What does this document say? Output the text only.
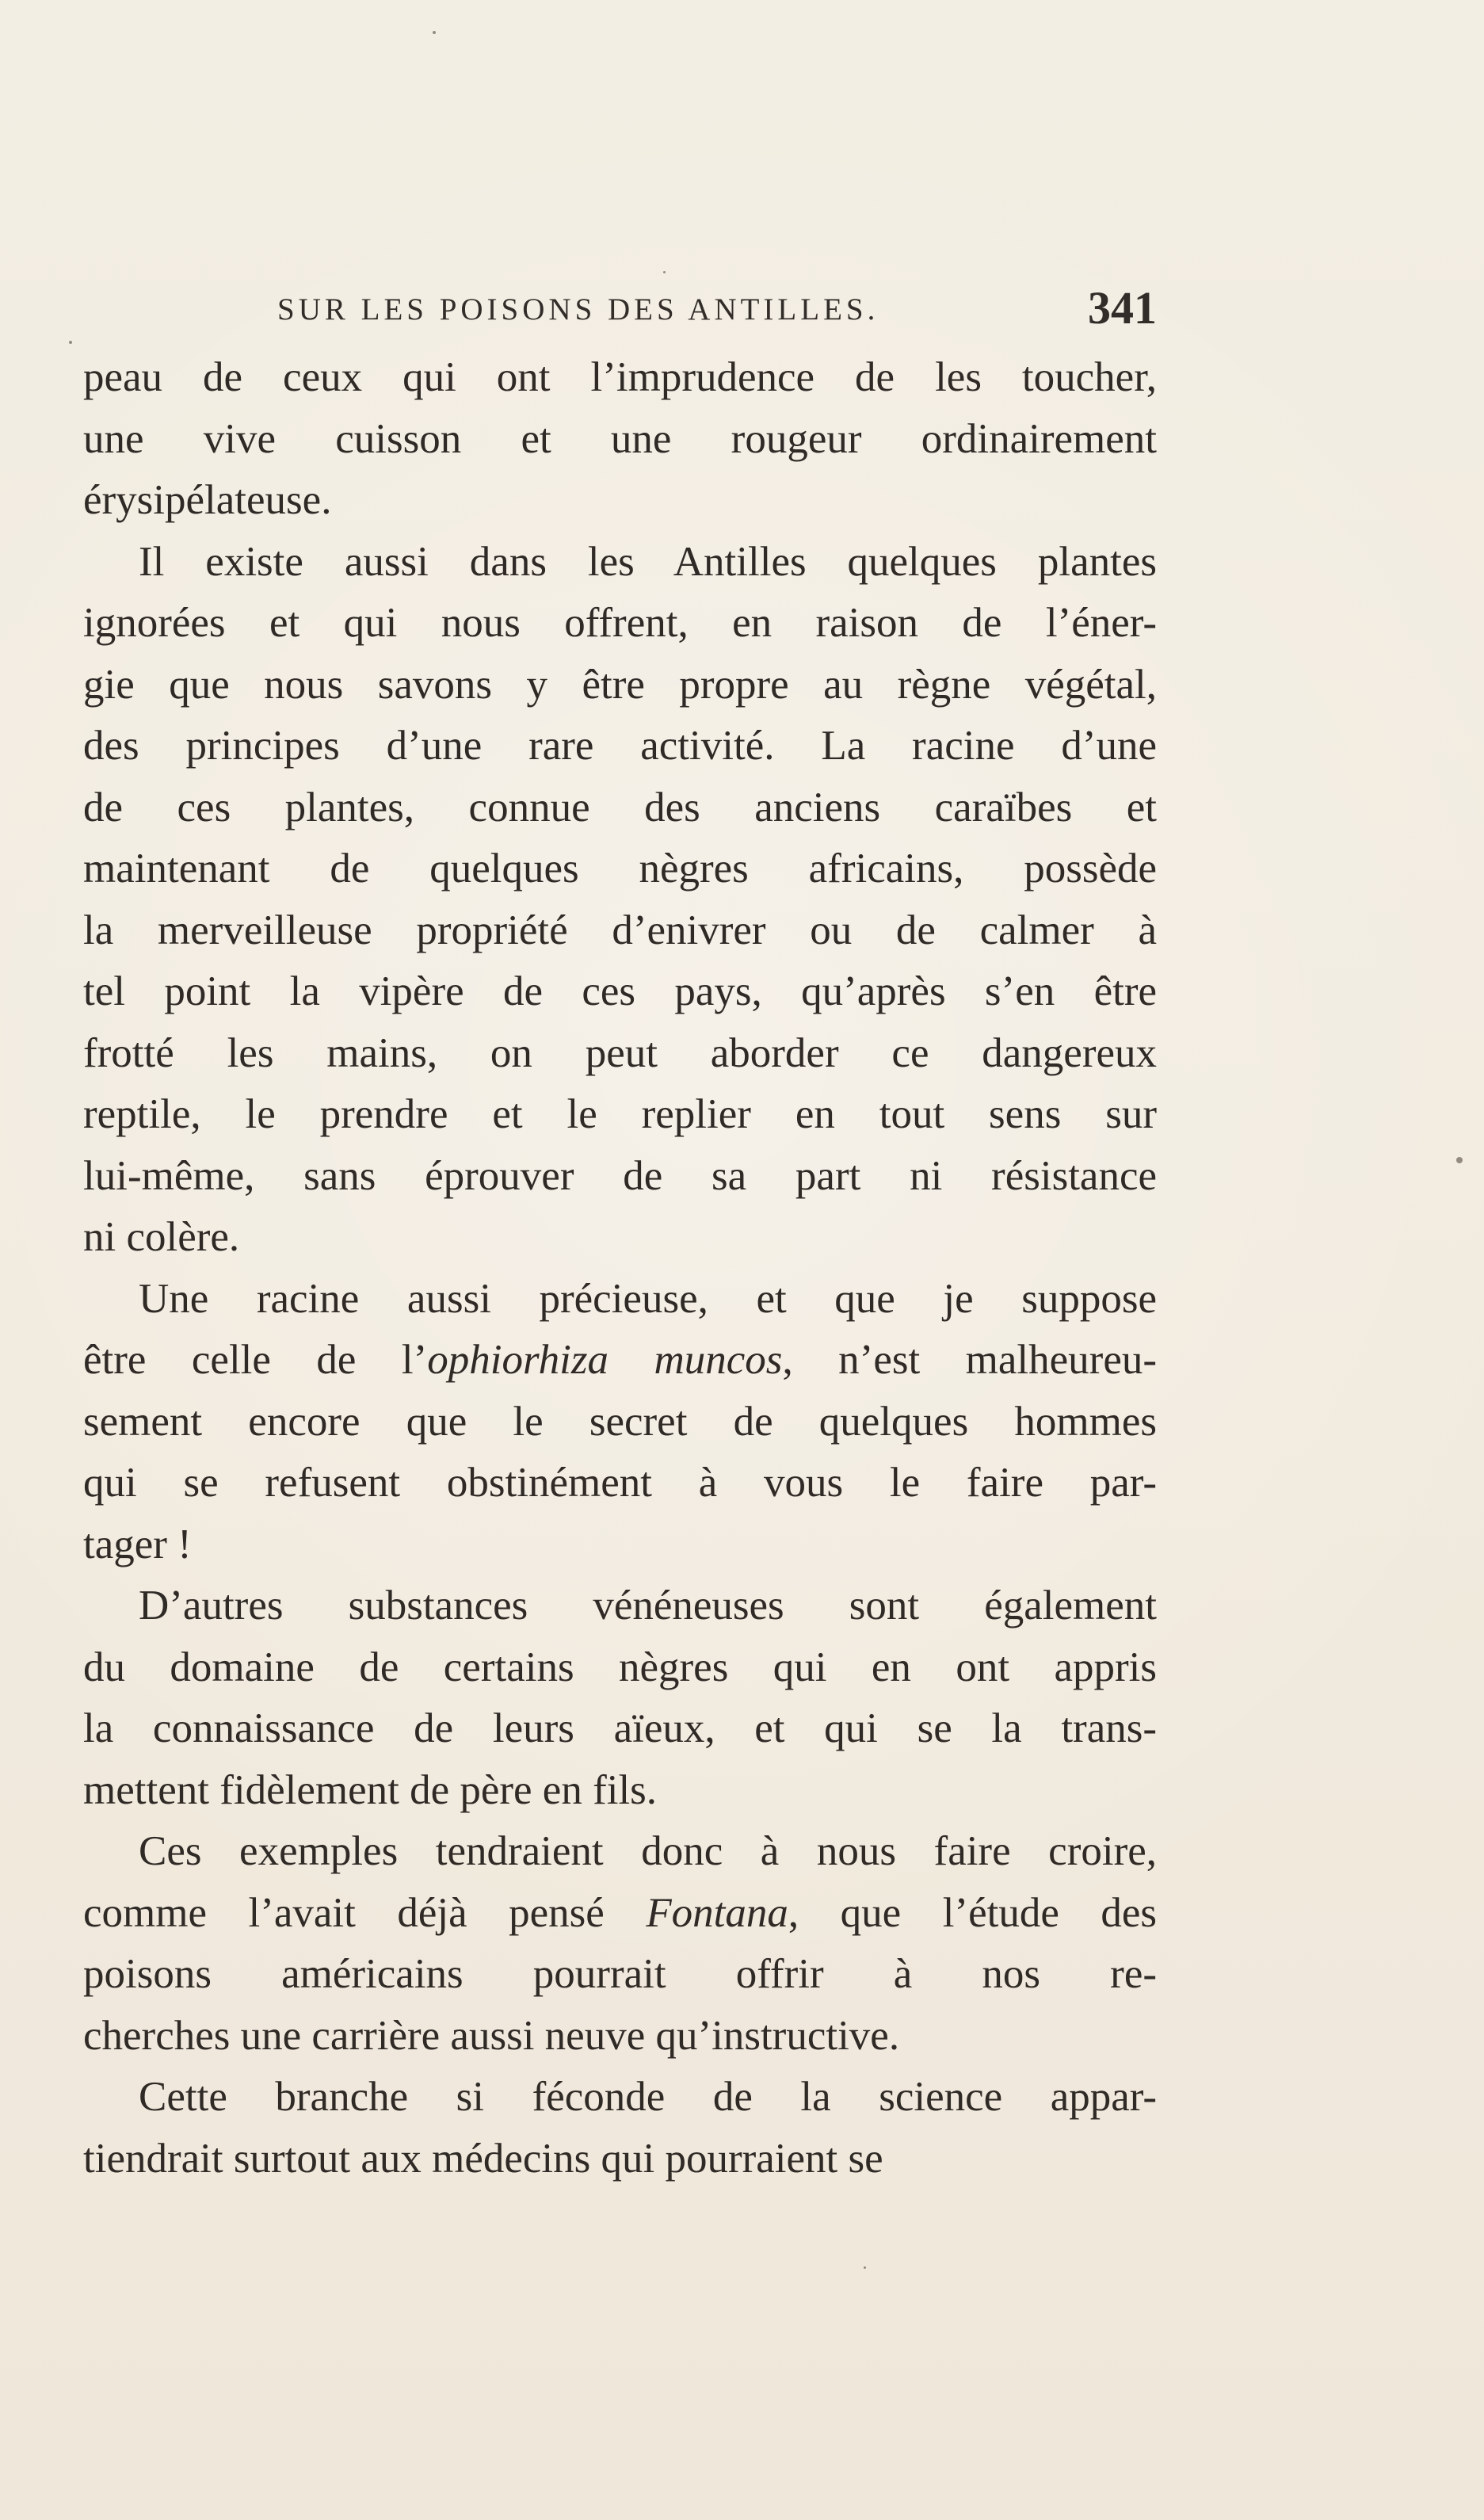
SUR LES POISONS DES ANTILLES.	341
peau de ceux qui ont l’imprudence de les toucher,
une vive cuisson et une rougeur ordinairement
érysipélateuse.
Il existe aussi dans les Antilles quelques plantes
ignorées et qui nous offrent, en raison de l’éner-
gie que nous savons y être propre au règne végétal,
des principes d’une rare activité. La racine d’une
de ces plantes, connue des anciens caraïbes et
maintenant de quelques nègres africains, possède
la merveilleuse propriété d’enivrer ou de calmer à
tel point la vipère de ces pays, qu’après s’en être
frotté les mains, on peut aborder ce dangereux
reptile, le prendre et le replier en tout sens sur
lui-même, sans éprouver de sa part ni résistance
ni colère.
Une racine aussi précieuse, et que je suppose
être celle de l’ophiorhiza muncos, n’est malheureu-
sement encore que le secret de quelques hommes
qui se refusent obstinément à vous le faire par-
tager !
D’autres substances vénéneuses sont également
du domaine de certains nègres qui en ont appris
la connaissance de leurs aïeux, et qui se la trans-
mettent fidèlement de père en fils.
Ces exemples tendraient donc à nous faire croire,
comme l’avait déjà pensé Fontana, que l’étude des
poisons américains pourrait offrir à nos re-
cherches une carrière aussi neuve qu’instructive.
Cette branche si féconde de la science appar-
tiendrait surtout aux médecins qui pourraient se
